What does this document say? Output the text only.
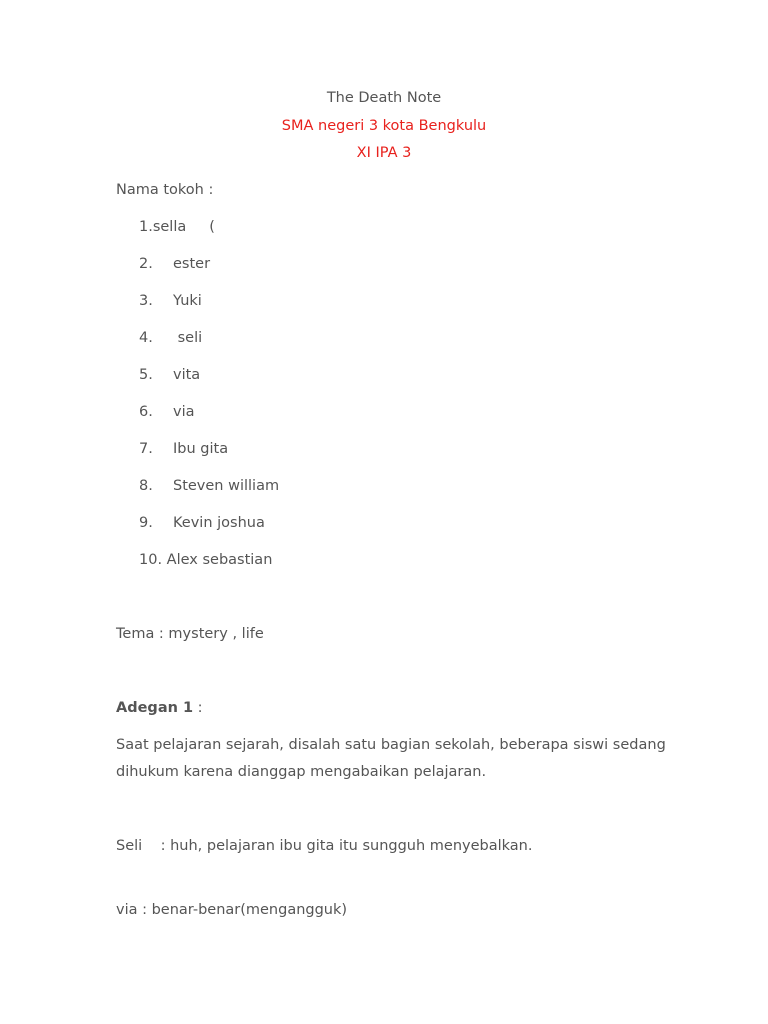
The Death Note
SMA negeri 3 kota Bengkulu
XI IPA 3
Nama tokoh :
1.sella     (
2. ester
3. Yuki
4. seli
5. vita
6. via
7. Ibu gita
8. Steven william
9. Kevin joshua
10. Alex sebastian
Tema : mystery , life
Adegan 1 :
Saat pelajaran sejarah, disalah satu bagian sekolah, beberapa siswi sedang
dihukum karena dianggap mengabaikan pelajaran.
Seli    : huh, pelajaran ibu gita itu sungguh menyebalkan.
via : benar-benar(mengangguk)
